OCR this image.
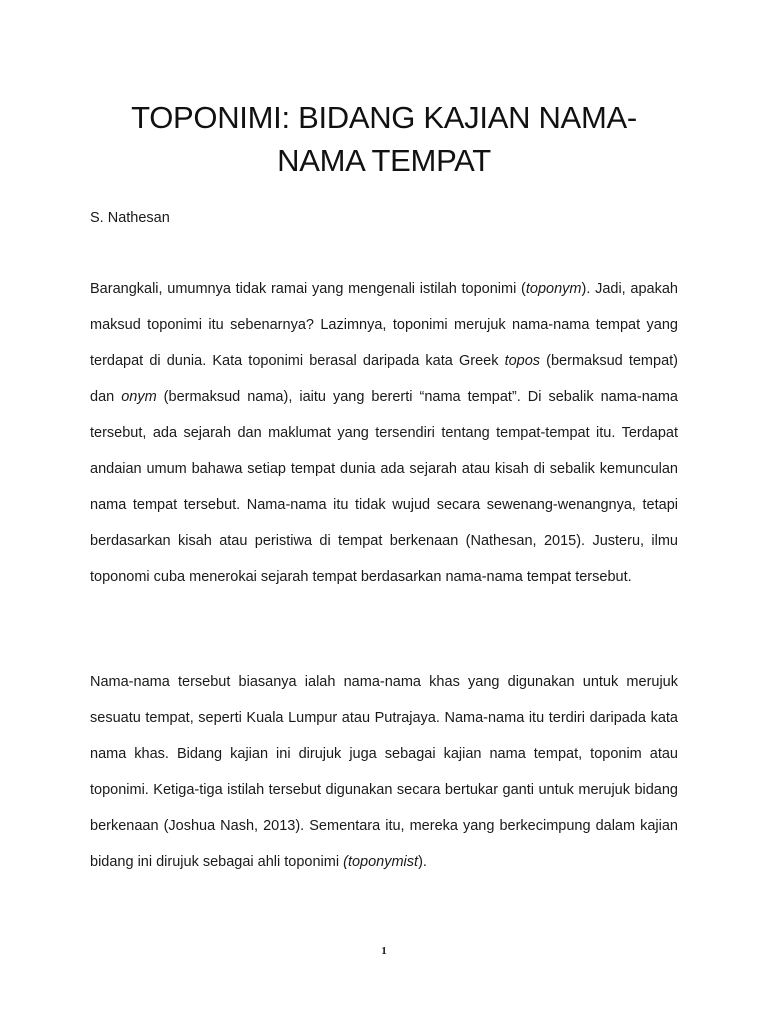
TOPONIMI: BIDANG KAJIAN NAMA-NAMA TEMPAT

S. Nathesan

Barangkali, umumnya tidak ramai yang mengenali istilah toponimi (toponym). Jadi, apakah maksud toponimi itu sebenarnya? Lazimnya, toponimi merujuk nama-nama tempat yang terdapat di dunia. Kata toponimi berasal daripada kata Greek topos (bermaksud tempat) dan onym (bermaksud nama), iaitu yang bererti “nama tempat”. Di sebalik nama-nama tersebut, ada sejarah dan maklumat yang tersendiri tentang tempat-tempat itu. Terdapat andaian umum bahawa setiap tempat dunia ada sejarah atau kisah di sebalik kemunculan nama tempat tersebut. Nama-nama itu tidak wujud secara sewenang-wenangnya, tetapi berdasarkan kisah atau peristiwa di tempat berkenaan (Nathesan, 2015). Justeru, ilmu toponomi cuba menerokai sejarah tempat berdasarkan nama-nama tempat tersebut.

Nama-nama tersebut biasanya ialah nama-nama khas yang digunakan untuk merujuk sesuatu tempat, seperti Kuala Lumpur atau Putrajaya. Nama-nama itu terdiri daripada kata nama khas. Bidang kajian ini dirujuk juga sebagai kajian nama tempat, toponim atau toponimi. Ketiga-tiga istilah tersebut digunakan secara bertukar ganti untuk merujuk bidang berkenaan (Joshua Nash, 2013). Sementara itu, mereka yang berkecimpung dalam kajian bidang ini dirujuk sebagai ahli toponimi (toponymist).

1
